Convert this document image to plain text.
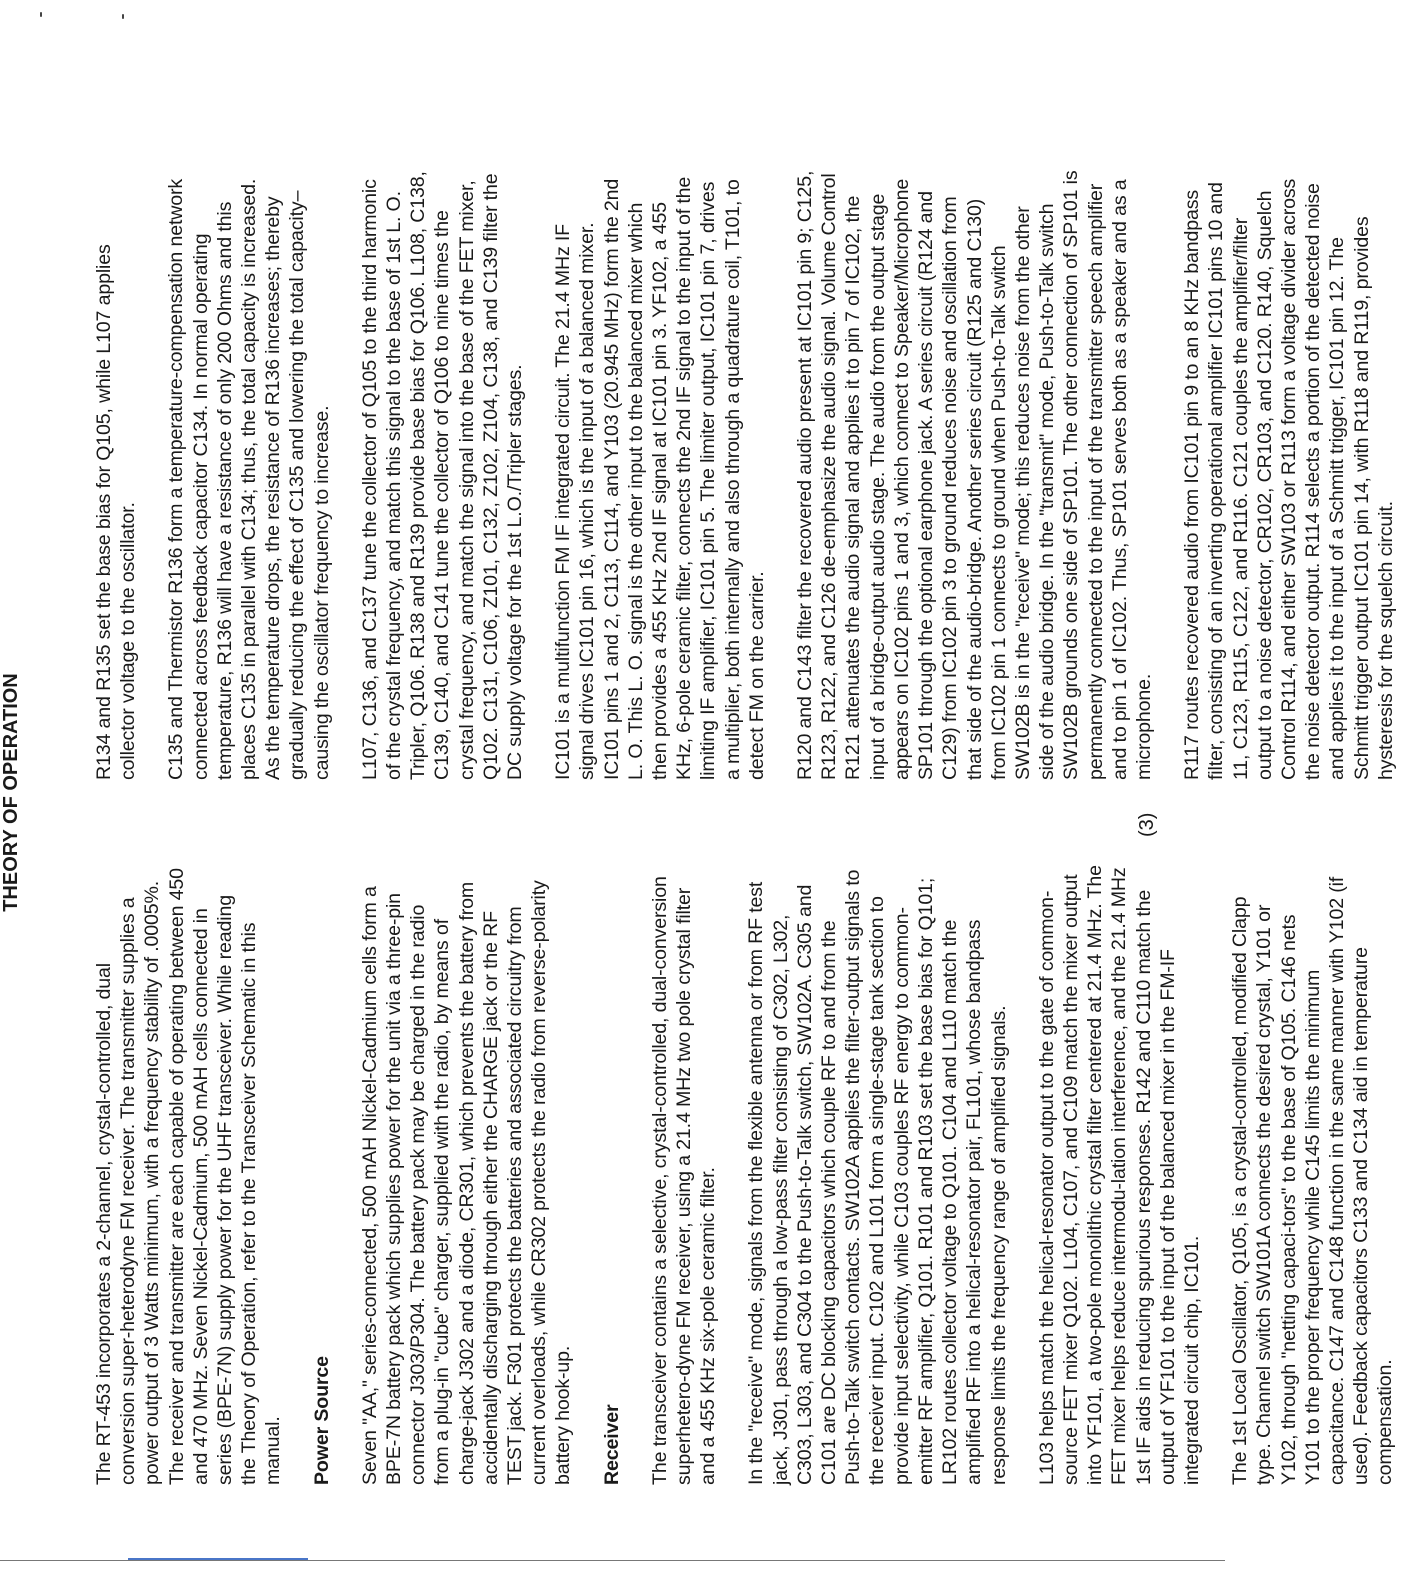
THEORY OF OPERATION

The RT-453 incorporates a 2-channel, crystal-controlled, dual conversion super-heterodyne FM receiver. The transmitter supplies a power output of 3 Watts minimum, with a frequency stability of .0005%. The receiver and transmitter are each capable of operating between 450 and 470 MHz. Seven Nickel-Cadmium, 500 mAH cells connected in series (BPE-7N) supply power for the UHF transceiver. While reading the Theory of Operation, refer to the Transceiver Schematic in this manual. Power Source Seven "AA," series-connected, 500 mAH Nickel-Cadmium cells form a BPE-7N battery pack which supplies power for the unit via a three-pin connector J303/P304. The battery pack may be charged in the radio from a plug-in "cube" charger, supplied with the radio, by means of charge-jack J302 and a diode, CR301, which prevents the battery from accidentally discharging through either the CHARGE jack or the RF TEST jack. F301 protects the batteries and associated circuitry from current overloads, while CR302 protects the radio from reverse-polarity battery hook-up. Receiver The transceiver contains a selective, crystal-controlled, dual-conversion superhetero-dyne FM receiver, using a 21.4 MHz two pole crystal filter and a 455 KHz six-pole ceramic filter. In the "receive" mode, signals from the flexible antenna or from RF test jack, J301, pass through a low-pass filter consisting of C302, L302, C303, L303, and C304 to the Push-to-Talk switch, SW102A. C305 and C101 are DC blocking capacitors which couple RF to and from the Push-to-Talk switch contacts. SW102A applies the filter-output signals to the receiver input. C102 and L101 form a single-stage tank section to provide input selectivity, while C103 couples RF energy to common-emitter RF amplifier, Q101. R101 and R103 set the base bias for Q101; LR102 routes collector voltage to Q101. C104 and L110 match the amplified RF into a helical-resonator pair, FL101, whose bandpass response limits the frequency range of amplified signals. L103 helps match the helical-resonator output to the gate of common-source FET mixer Q102. L104, C107, and C109 match the mixer output into YF101, a two-pole monolithic crystal filter centered at 21.4 MHz. The FET mixer helps reduce intermodu-lation interference, and the 21.4 MHz 1st IF aids in reducing spurious responses. R142 and C110 match the output of YF101 to the input of the balanced mixer in the FM-IF integrated circuit chip, IC101. The 1st Local Oscillator, Q105, is a crystal-controlled, modified Clapp type. Channel switch SW101A connects the desired crystal, Y101 or Y102, through "netting capaci-tors" to the base of Q105. C146 nets Y101 to the proper frequency while C145 limits the minimum capacitance. C147 and C148 function in the same manner with Y102 (if used). Feedback capacitors C133 and C134 aid in temperature compensation.

R134 and R135 set the base bias for Q105, while L107 applies collector voltage to the oscillator. C135 and Thermistor R136 form a temperature-compensation network connected across feedback capacitor C134. In normal operating temperature, R136 will have a resistance of only 200 Ohms and this places C135 in parallel with C134; thus, the total capacity is increased. As the temperature drops, the resistance of R136 increases; thereby gradually reducing the effect of C135 and lowering the total capacity–causing the oscillator frequency to increase. L107, C136, and C137 tune the collector of Q105 to the third harmonic of the crystal frequency, and match this signal to the base of 1st L. O. Tripler, Q106. R138 and R139 provide base bias for Q106. L108, C138, C139, C140, and C141 tune the collector of Q106 to nine times the crystal frequency, and match the signal into the base of the FET mixer, Q102. C131, C106, Z101, C132, Z102, Z104, C138, and C139 filter the DC supply voltage for the 1st L.O./Tripler stages. IC101 is a multifunction FM IF integrated circuit. The 21.4 MHz IF signal drives IC101 pin 16, which is the input of a balanced mixer. IC101 pins 1 and 2, C113, C114, and Y103 (20.945 MHz) form the 2nd L. O. This L. O. signal is the other input to the balanced mixer which then provides a 455 KHz 2nd IF signal at IC101 pin 3. YF102, a 455 KHz, 6-pole ceramic filter, connects the 2nd IF signal to the input of the limiting IF amplifier, IC101 pin 5. The limiter output, IC101 pin 7, drives a multiplier, both internally and also through a quadrature coil, T101, to detect FM on the carrier. R120 and C143 filter the recovered audio present at IC101 pin 9; C125, R123, R122, and C126 de-emphasize the audio signal. Volume Control R121 attenuates the audio signal and applies it to pin 7 of IC102, the input of a bridge-output audio stage. The audio from the output stage appears on IC102 pins 1 and 3, which connect to Speaker/Microphone SP101 through the optional earphone jack. A series circuit (R124 and C129) from IC102 pin 3 to ground reduces noise and oscillation from that side of the audio-bridge. Another series circuit (R125 and C130) from IC102 pin 1 connects to ground when Push-to-Talk switch SW102B is in the "receive" mode; this reduces noise from the other side of the audio bridge. In the "transmit" mode, Push-to-Talk switch SW102B grounds one side of SP101. The other connection of SP101 is permanently connected to the input of the transmitter speech amplifier and to pin 1 of IC102. Thus, SP101 serves both as a speaker and as a microphone. R117 routes recovered audio from IC101 pin 9 to an 8 KHz bandpass filter, consisting of an inverting operational amplifier IC101 pins 10 and 11, C123, R115, C122, and R116. C121 couples the amplifier/filter output to a noise detector, CR102, CR103, and C120. R140, Squelch Control R114, and either SW103 or R113 form a voltage divider across the noise detector output. R114 selects a portion of the detected noise and applies it to the input of a Schmitt trigger, IC101 pin 12. The Schmitt trigger output IC101 pin 14, with R118 and R119, provides hysteresis for the squelch circuit.

(3)
